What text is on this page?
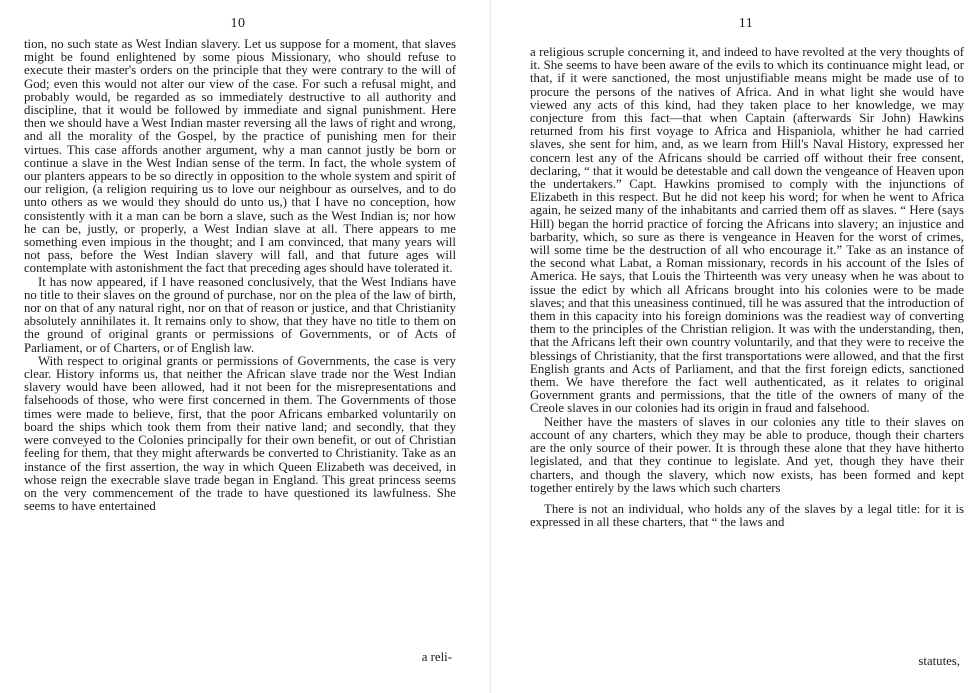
10

tion, no such state as West Indian slavery. Let us suppose for a moment, that slaves might be found enlightened by some pious Missionary, who should refuse to execute their master's orders on the principle that they were contrary to the will of God; even this would not alter our view of the case. For such a refusal might, and probably would, be regarded as so immediately destructive to all authority and discipline, that it would be followed by immediate and signal punishment. Here then we should have a West Indian master reversing all the laws of right and wrong, and all the morality of the Gospel, by the practice of punishing men for their virtues. This case affords another argument, why a man cannot justly be born or continue a slave in the West Indian sense of the term. In fact, the whole system of our planters appears to be so directly in opposition to the whole system and spirit of our religion, (a religion requiring us to love our neighbour as ourselves, and to do unto others as we would they should do unto us,) that I have no conception, how consistently with it a man can be born a slave, such as the West Indian is; nor how he can be, justly, or properly, a West Indian slave at all. There appears to me something even impious in the thought; and I am convinced, that many years will not pass, before the West Indian slavery will fall, and that future ages will contemplate with astonishment the fact that preceding ages should have tolerated it.

It has now appeared, if I have reasoned conclusively, that the West Indians have no title to their slaves on the ground of purchase, nor on the plea of the law of birth, nor on that of any natural right, nor on that of reason or justice, and that Christianity absolutely annihilates it. It remains only to show, that they have no title to them on the ground of original grants or permissions of Governments, or of Acts of Parliament, or of Charters, or of English law.

With respect to original grants or permissions of Governments, the case is very clear. History informs us, that neither the African slave trade nor the West Indian slavery would have been allowed, had it not been for the misrepresentations and falsehoods of those, who were first concerned in them. The Governments of those times were made to believe, first, that the poor Africans embarked voluntarily on board the ships which took them from their native land; and secondly, that they were conveyed to the Colonies principally for their own benefit, or out of Christian feeling for them, that they might afterwards be converted to Christianity. Take as an instance of the first assertion, the way in which Queen Elizabeth was deceived, in whose reign the execrable slave trade began in England. This great princess seems on the very commencement of the trade to have questioned its lawfulness. She seems to have entertained

a reli-
11

a religious scruple concerning it, and indeed to have revolted at the very thoughts of it. She seems to have been aware of the evils to which its continuance might lead, or that, if it were sanctioned, the most unjustifiable means might be made use of to procure the persons of the natives of Africa. And in what light she would have viewed any acts of this kind, had they taken place to her knowledge, we may conjecture from this fact—that when Captain (afterwards Sir John) Hawkins returned from his first voyage to Africa and Hispaniola, whither he had carried slaves, she sent for him, and, as we learn from Hill's Naval History, expressed her concern lest any of the Africans should be carried off without their free consent, declaring, “ that it would be detestable and call down the vengeance of Heaven upon the undertakers.” Capt. Hawkins promised to comply with the injunctions of Elizabeth in this respect. But he did not keep his word; for when he went to Africa again, he seized many of the inhabitants and carried them off as slaves. “ Here (says Hill) began the horrid practice of forcing the Africans into slavery; an injustice and barbarity, which, so sure as there is vengeance in Heaven for the worst of crimes, will some time be the destruction of all who encourage it.” Take as an instance of the second what Labat, a Roman missionary, records in his account of the Isles of America. He says, that Louis the Thirteenth was very uneasy when he was about to issue the edict by which all Africans brought into his colonies were to be made slaves; and that this uneasiness continued, till he was assured that the introduction of them in this capacity into his foreign dominions was the readiest way of converting them to the principles of the Christian religion. It was with the understanding, then, that the Africans left their own country voluntarily, and that they were to receive the blessings of Christianity, that the first transportations were allowed, and that the first English grants and Acts of Parliament, and that the first foreign edicts, sanctioned them. We have therefore the fact well authenticated, as it relates to original Government grants and permissions, that the title of the owners of many of the Creole slaves in our colonies had its origin in fraud and falsehood.

Neither have the masters of slaves in our colonies any title to their slaves on account of any charters, which they may be able to produce, though their charters are the only source of their power. It is through these alone that they have hitherto legislated, and that they continue to legislate. And yet, though they have their charters, and though the slavery, which now exists, has been formed and kept together entirely by the laws which such charters

There is not an individual, who holds any of the slaves by a legal title: for it is expressed in all these charters, that “ the laws and

statutes,
